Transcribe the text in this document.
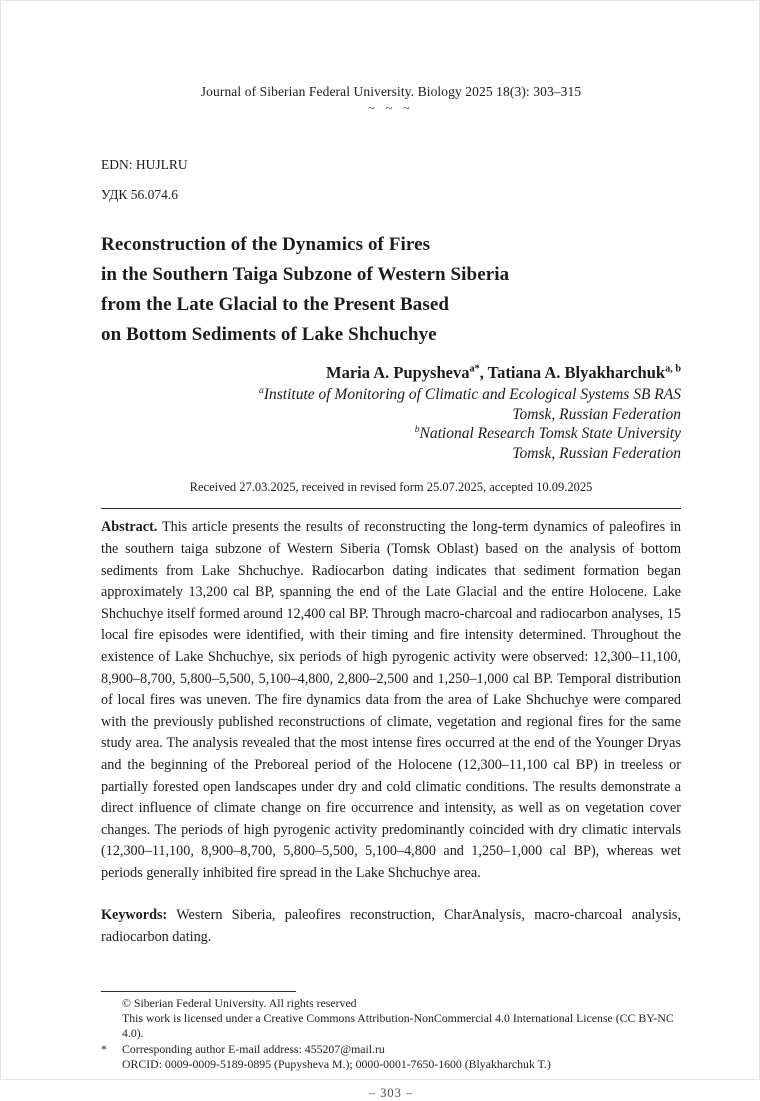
Journal of Siberian Federal University. Biology 2025 18(3): 303–315
~ ~ ~
EDN: HUJLRU
УДК 56.074.6
Reconstruction of the Dynamics of Fires
in the Southern Taiga Subzone of Western Siberia
from the Late Glacial to the Present Based
on Bottom Sediments of Lake Shchuchye
Maria A. Pupysheva$^{a*}$, Tatiana A. Blyakharchuk$^{a, b}$
$^a$Institute of Monitoring of Climatic and Ecological Systems SB RAS
Tomsk, Russian Federation
$^b$National Research Tomsk State University
Tomsk, Russian Federation
Received 27.03.2025, received in revised form 25.07.2025, accepted 10.09.2025

Abstract. This article presents the results of reconstructing the long-term dynamics of paleofires in the southern taiga subzone of Western Siberia (Tomsk Oblast) based on the analysis of bottom sediments from Lake Shchuchye. Radiocarbon dating indicates that sediment formation began approximately 13,200 cal BP, spanning the end of the Late Glacial and the entire Holocene. Lake Shchuchye itself formed around 12,400 cal BP. Through macro-charcoal and radiocarbon analyses, 15 local fire episodes were identified, with their timing and fire intensity determined. Throughout the existence of Lake Shchuchye, six periods of high pyrogenic activity were observed: 12,300–11,100, 8,900–8,700, 5,800–5,500, 5,100–4,800, 2,800–2,500 and 1,250–1,000 cal BP. Temporal distribution of local fires was uneven. The fire dynamics data from the area of Lake Shchuchye were compared with the previously published reconstructions of climate, vegetation and regional fires for the same study area. The analysis revealed that the most intense fires occurred at the end of the Younger Dryas and the beginning of the Preboreal period of the Holocene (12,300–11,100 cal BP) in treeless or partially forested open landscapes under dry and cold climatic conditions. The results demonstrate a direct influence of climate change on fire occurrence and intensity, as well as on vegetation cover changes. The periods of high pyrogenic activity predominantly coincided with dry climatic intervals (12,300–11,100, 8,900–8,700, 5,800–5,500, 5,100–4,800 and 1,250–1,000 cal BP), whereas wet periods generally inhibited fire spread in the Lake Shchuchye area.

Keywords: Western Siberia, paleofires reconstruction, CharAnalysis, macro-charcoal analysis, radiocarbon dating.

© Siberian Federal University. All rights reserved
This work is licensed under a Creative Commons Attribution-NonCommercial 4.0 International License (CC BY-NC 4.0).
*	Corresponding author E-mail address: 455207@mail.ru
ORCID: 0009-0009-5189-0895 (Pupysheva M.); 0000-0001-7650-1600 (Blyakharchuk T.)
– 303 –
